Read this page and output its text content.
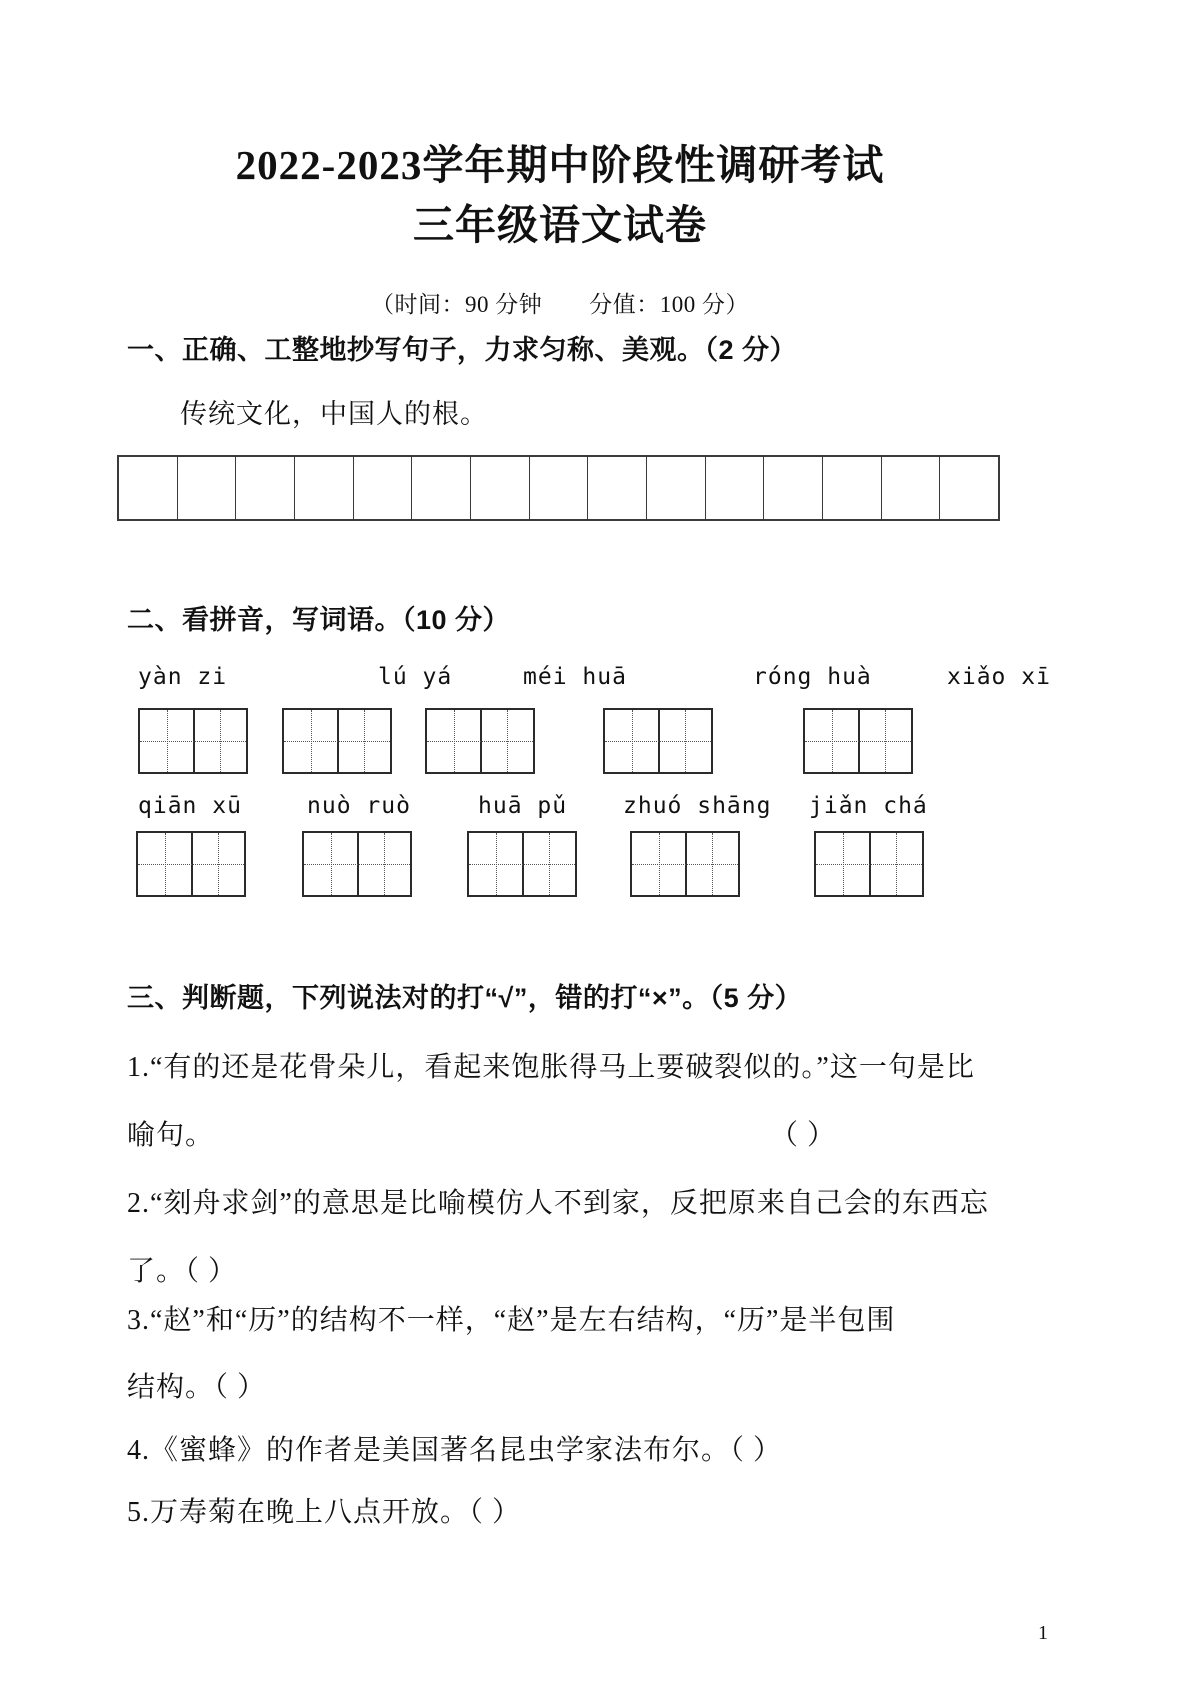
2022-2023学年期中阶段性调研考试
三年级语文试卷
（时间：90 分钟　　分值：100 分）
一、正确、工整地抄写句子，力求匀称、美观。（2 分）
传统文化，中国人的根。
二、看拼音，写词语。（10 分）
yàn zi	lú yá	méi huā	róng huà	xiǎo xī
qiān xū	nuò ruò	huā pǔ zhuó shāng jiǎn chá
三、判断题，下列说法对的打“√”，错的打“×”。（5 分）
1.“有的还是花骨朵儿，看起来饱胀得马上要破裂似的。”这一句是比
喻句。	（ ）
2.“刻舟求剑”的意思是比喻模仿人不到家，反把原来自己会的东西忘
了。（ ）
3.“赵”和“历”的结构不一样，“赵”是左右结构，“历”是半包围
结构。（ ）
4.《蜜蜂》的作者是美国著名昆虫学家法布尔。（ ）
5.万寿菊在晚上八点开放。（ ）
1
